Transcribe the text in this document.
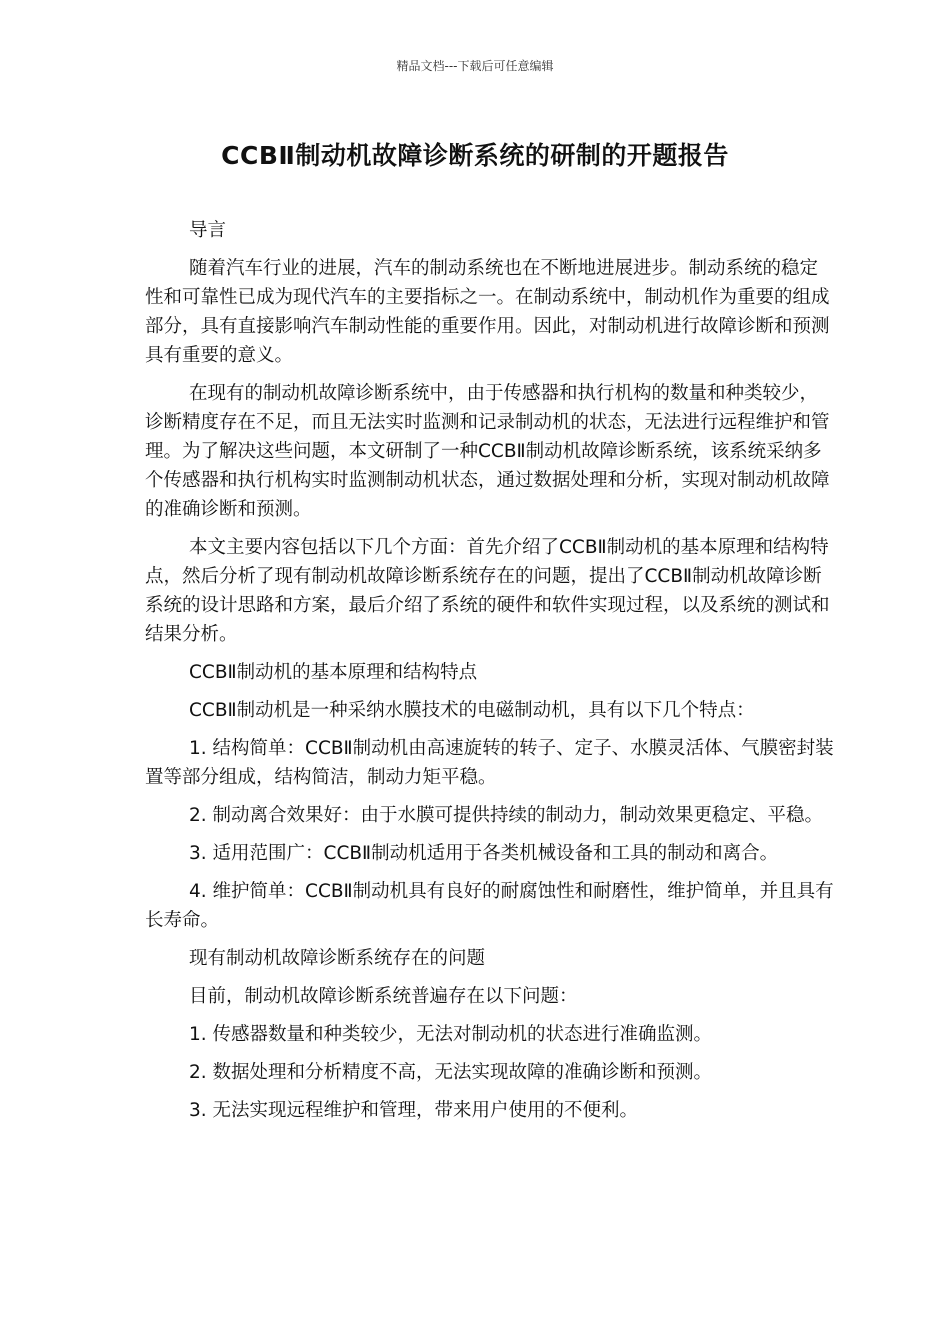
精品文档---下载后可任意编辑
CCBⅡ制动机故障诊断系统的研制的开题报告

导言

随着汽车行业的进展，汽车的制动系统也在不断地进展进步。制动系统的稳定性和可靠性已成为现代汽车的主要指标之一。在制动系统中，制动机作为重要的组成部分，具有直接影响汽车制动性能的重要作用。因此，对制动机进行故障诊断和预测具有重要的意义。

在现有的制动机故障诊断系统中，由于传感器和执行机构的数量和种类较少，诊断精度存在不足，而且无法实时监测和记录制动机的状态，无法进行远程维护和管理。为了解决这些问题，本文研制了一种CCBⅡ制动机故障诊断系统，该系统采纳多个传感器和执行机构实时监测制动机状态，通过数据处理和分析，实现对制动机故障的准确诊断和预测。

本文主要内容包括以下几个方面：首先介绍了CCBⅡ制动机的基本原理和结构特点，然后分析了现有制动机故障诊断系统存在的问题，提出了CCBⅡ制动机故障诊断系统的设计思路和方案，最后介绍了系统的硬件和软件实现过程，以及系统的测试和结果分析。

CCBⅡ制动机的基本原理和结构特点

CCBⅡ制动机是一种采纳水膜技术的电磁制动机，具有以下几个特点：

1. 结构简单：CCBⅡ制动机由高速旋转的转子、定子、水膜灵活体、气膜密封装置等部分组成，结构简洁，制动力矩平稳。

2. 制动离合效果好：由于水膜可提供持续的制动力，制动效果更稳定、平稳。

3. 适用范围广：CCBⅡ制动机适用于各类机械设备和工具的制动和离合。

4. 维护简单：CCBⅡ制动机具有良好的耐腐蚀性和耐磨性，维护简单，并且具有长寿命。

现有制动机故障诊断系统存在的问题

目前，制动机故障诊断系统普遍存在以下问题：

1. 传感器数量和种类较少，无法对制动机的状态进行准确监测。

2. 数据处理和分析精度不高，无法实现故障的准确诊断和预测。

3. 无法实现远程维护和管理，带来用户使用的不便利。
